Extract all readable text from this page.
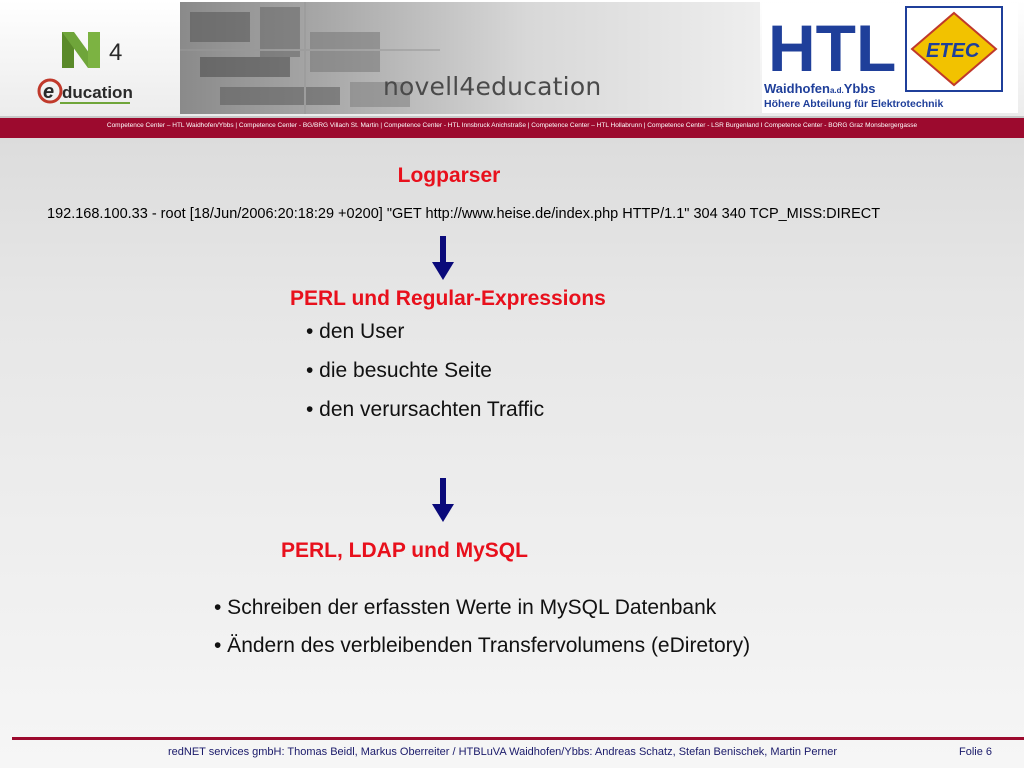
4
e ducation	novell4education
HTL ETEC
Waidhofena.d.Ybbs
Höhere Abteilung für Elektrotechnik
Competence Center – HTL Waidhofen/Ybbs | Competence Center - BG/BRG Villach St. Martin | Competence Center - HTL Innsbruck Anichstraße | Competence Center – HTL Hollabrunn | Competence Center - LSR Burgenland I Competence Center - BORG Graz Monsbergergasse
Logparser
192.168.100.33 - root [18/Jun/2006:20:18:29 +0200] "GET http://www.heise.de/index.php HTTP/1.1" 304 340 TCP_MISS:DIRECT
PERL und Regular-Expressions
• den User
• die besuchte Seite
• den verursachten Traffic
PERL, LDAP und MySQL
• Schreiben der erfassten Werte in MySQL Datenbank
• Ändern des verbleibenden Transfervolumens (eDiretory)
redNET services gmbH: Thomas Beidl, Markus Oberreiter / HTBLuVA Waidhofen/Ybbs: Andreas Schatz, Stefan Benischek, Martin Perner	Folie 6
